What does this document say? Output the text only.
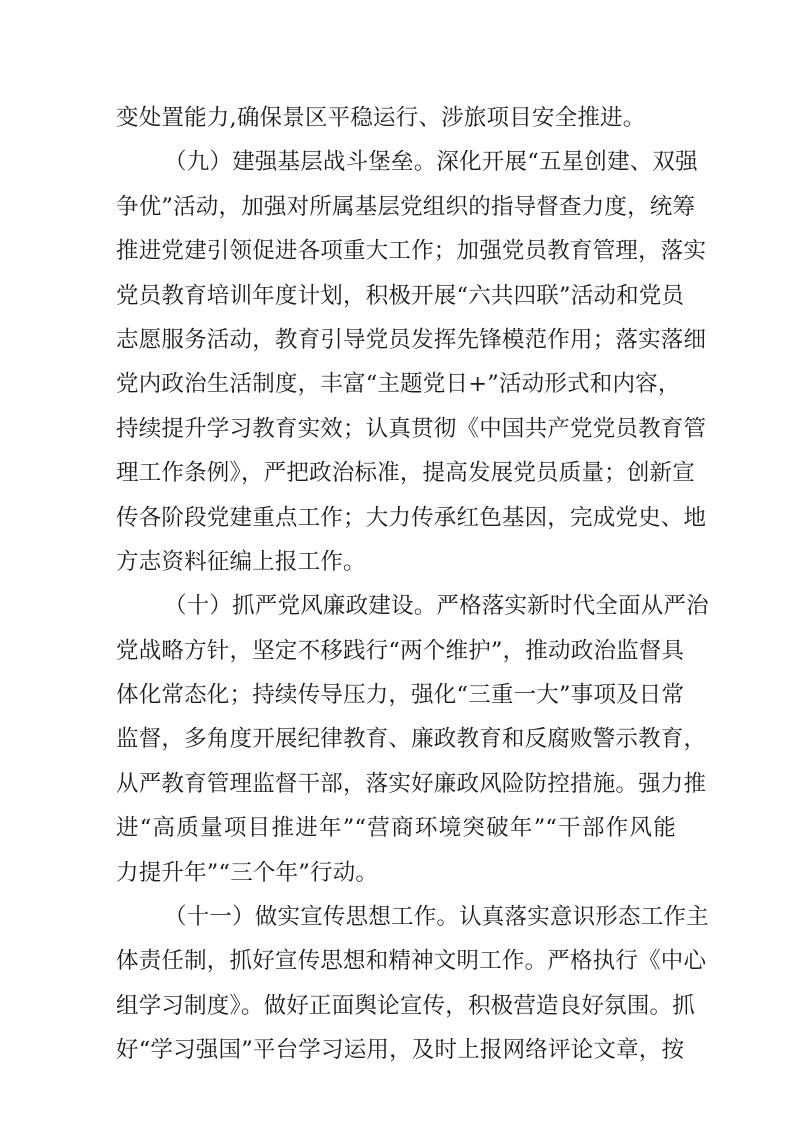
变处置能力,确保景区平稳运行、涉旅项目安全推进。
（九）建强基层战斗堡垒。深化开展“五星创建、双强
争优”活动，加强对所属基层党组织的指导督查力度，统筹
推进党建引领促进各项重大工作；加强党员教育管理，落实
党员教育培训年度计划，积极开展“六共四联”活动和党员
志愿服务活动，教育引导党员发挥先锋模范作用；落实落细
党内政治生活制度，丰富“主题党日+”活动形式和内容，
持续提升学习教育实效；认真贯彻《中国共产党党员教育管
理工作条例》，严把政治标准，提高发展党员质量；创新宣
传各阶段党建重点工作；大力传承红色基因，完成党史、地
方志资料征编上报工作。
（十）抓严党风廉政建设。严格落实新时代全面从严治
党战略方针，坚定不移践行“两个维护”，推动政治监督具
体化常态化；持续传导压力，强化“三重一大”事项及日常
监督，多角度开展纪律教育、廉政教育和反腐败警示教育，
从严教育管理监督干部，落实好廉政风险防控措施。强力推
进“高质量项目推进年”“营商环境突破年”“干部作风能
力提升年”“三个年”行动。
（十一）做实宣传思想工作。认真落实意识形态工作主
体责任制，抓好宣传思想和精神文明工作。严格执行《中心
组学习制度》。做好正面舆论宣传，积极营造良好氛围。抓
好“学习强国”平台学习运用，及时上报网络评论文章，按
